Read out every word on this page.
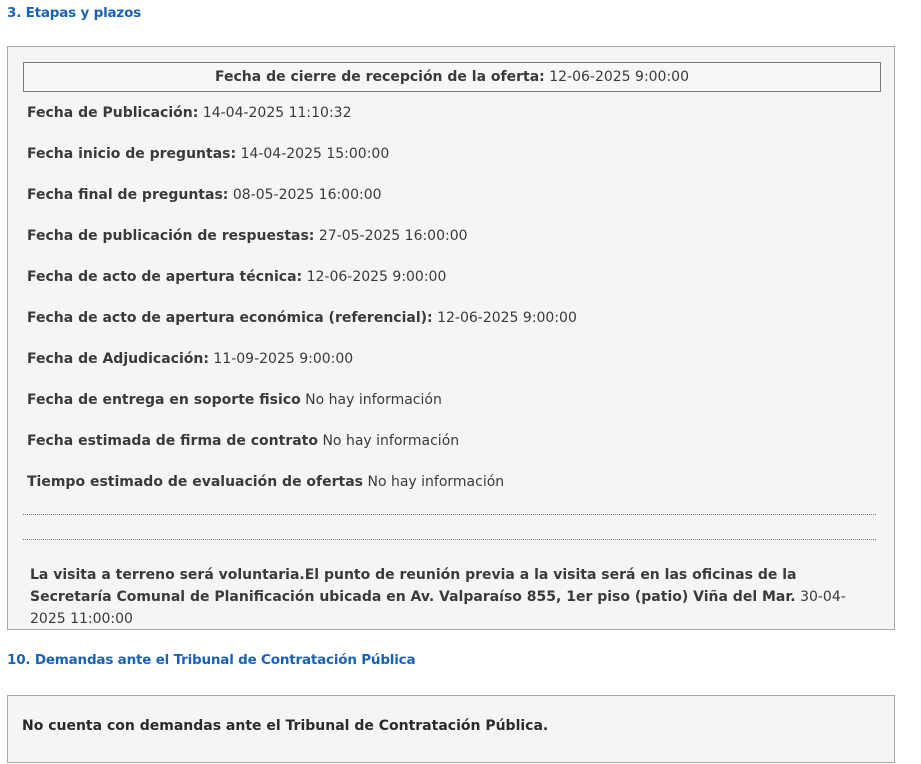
3. Etapas y plazos
Fecha de cierre de recepción de la oferta: 12-06-2025 9:00:00
Fecha de Publicación: 14-04-2025 11:10:32
Fecha inicio de preguntas: 14-04-2025 15:00:00
Fecha final de preguntas: 08-05-2025 16:00:00
Fecha de publicación de respuestas: 27-05-2025 16:00:00
Fecha de acto de apertura técnica: 12-06-2025 9:00:00
Fecha de acto de apertura económica (referencial): 12-06-2025 9:00:00
Fecha de Adjudicación: 11-09-2025 9:00:00
Fecha de entrega en soporte fisico No hay información
Fecha estimada de firma de contrato No hay información
Tiempo estimado de evaluación de ofertas No hay información
La visita a terreno será voluntaria.El punto de reunión previa a la visita será en las oficinas de la Secretaría Comunal de Planificación ubicada en Av. Valparaíso 855, 1er piso (patio) Viña del Mar. 30-04-2025 11:00:00
10. Demandas ante el Tribunal de Contratación Pública
No cuenta con demandas ante el Tribunal de Contratación Pública.
